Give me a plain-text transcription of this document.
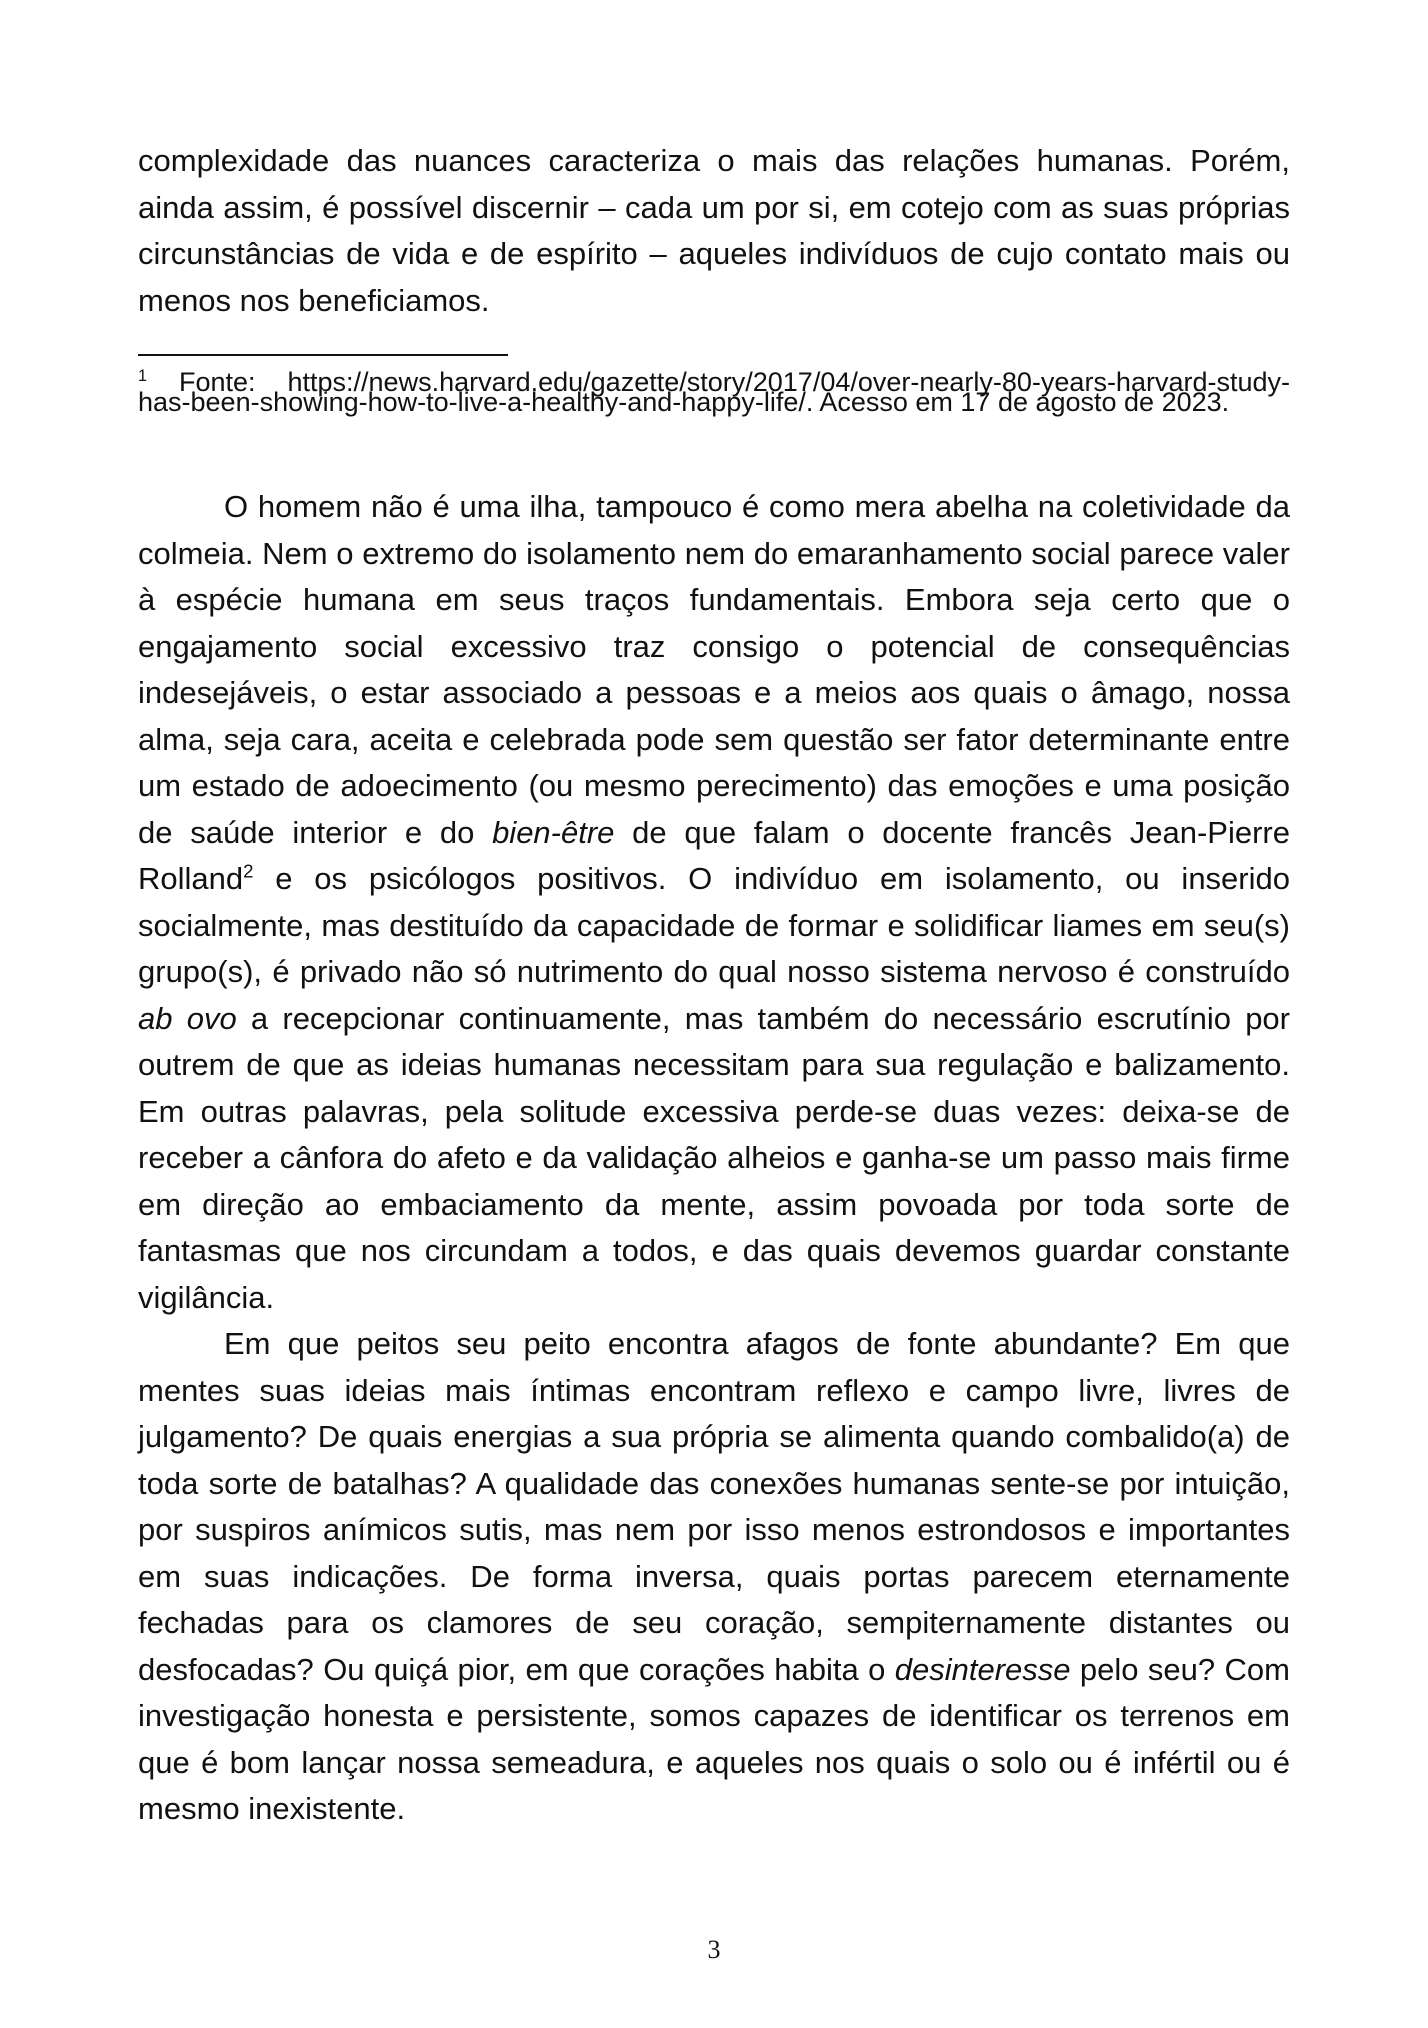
complexidade das nuances caracteriza o mais das relações humanas. Porém, ainda assim, é possível discernir – cada um por si, em cotejo com as suas próprias circunstâncias de vida e de espírito – aqueles indivíduos de cujo contato mais ou menos nos beneficiamos.

$^1$ Fonte: https://news.harvard.edu/gazette/story/2017/04/over-nearly-80-years-harvard-study-has-been-showing-how-to-live-a-healthy-and-happy-life/. Acesso em 17 de agosto de 2023.

O homem não é uma ilha, tampouco é como mera abelha na coletividade da colmeia. Nem o extremo do isolamento nem do emaranhamento social parece valer à espécie humana em seus traços fundamentais. Embora seja certo que o engajamento social excessivo traz consigo o potencial de consequências indesejáveis, o estar associado a pessoas e a meios aos quais o âmago, nossa alma, seja cara, aceita e celebrada pode sem questão ser fator determinante entre um estado de adoecimento (ou mesmo perecimento) das emoções e uma posição de saúde interior e do bien-être de que falam o docente francês Jean-Pierre Rolland$^2$ e os psicólogos positivos. O indivíduo em isolamento, ou inserido socialmente, mas destituído da capacidade de formar e solidificar liames em seu(s) grupo(s), é privado não só nutrimento do qual nosso sistema nervoso é construído ab ovo a recepcionar continuamente, mas também do necessário escrutínio por outrem de que as ideias humanas necessitam para sua regulação e balizamento. Em outras palavras, pela solitude excessiva perde-se duas vezes: deixa-se de receber a cânfora do afeto e da validação alheios e ganha-se um passo mais firme em direção ao embaciamento da mente, assim povoada por toda sorte de fantasmas que nos circundam a todos, e das quais devemos guardar constante vigilância.

Em que peitos seu peito encontra afagos de fonte abundante? Em que mentes suas ideias mais íntimas encontram reflexo e campo livre, livres de julgamento? De quais energias a sua própria se alimenta quando combalido(a) de toda sorte de batalhas? A qualidade das conexões humanas sente-se por intuição, por suspiros anímicos sutis, mas nem por isso menos estrondosos e importantes em suas indicações. De forma inversa, quais portas parecem eternamente fechadas para os clamores de seu coração, sempiternamente distantes ou desfocadas? Ou quiçá pior, em que corações habita o desinteresse pelo seu? Com investigação honesta e persistente, somos capazes de identificar os terrenos em que é bom lançar nossa semeadura, e aqueles nos quais o solo ou é infértil ou é mesmo inexistente.

3
